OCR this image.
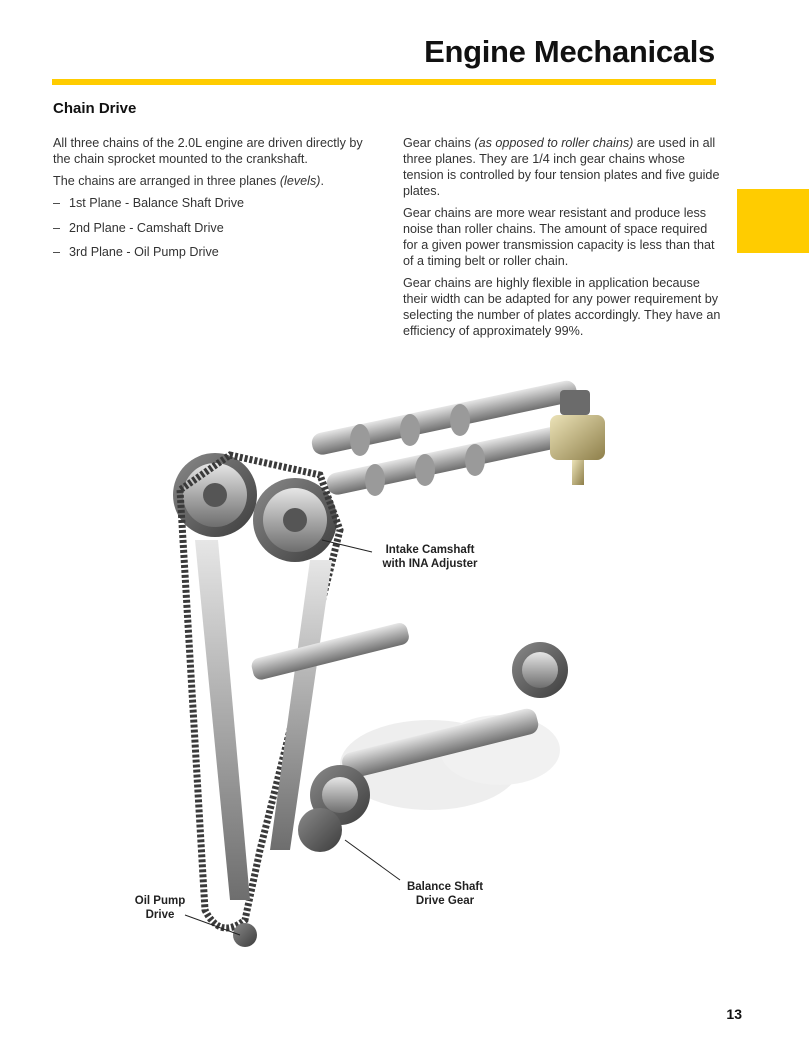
Engine Mechanicals
Chain Drive

All three chains of the 2.0L engine are driven directly by the chain sprocket mounted to the crankshaft.

The chains are arranged in three planes (levels).

– 1st Plane - Balance Shaft Drive
– 2nd Plane - Camshaft Drive
– 3rd Plane - Oil Pump Drive

Gear chains (as opposed to roller chains) are used in all three planes. They are 1/4 inch gear chains whose tension is controlled by four tension plates and five guide plates.

Gear chains are more wear resistant and produce less noise than roller chains. The amount of space required for a given power transmission capacity is less than that of a timing belt or roller chain.

Gear chains are highly flexible in application because their width can be adapted for any power requirement by selecting the number of plates accordingly. They have an efficiency of approximately 99%.

Intake Camshaft
with INA Adjuster
Balance Shaft
Drive Gear
Oil Pump
Drive
13
